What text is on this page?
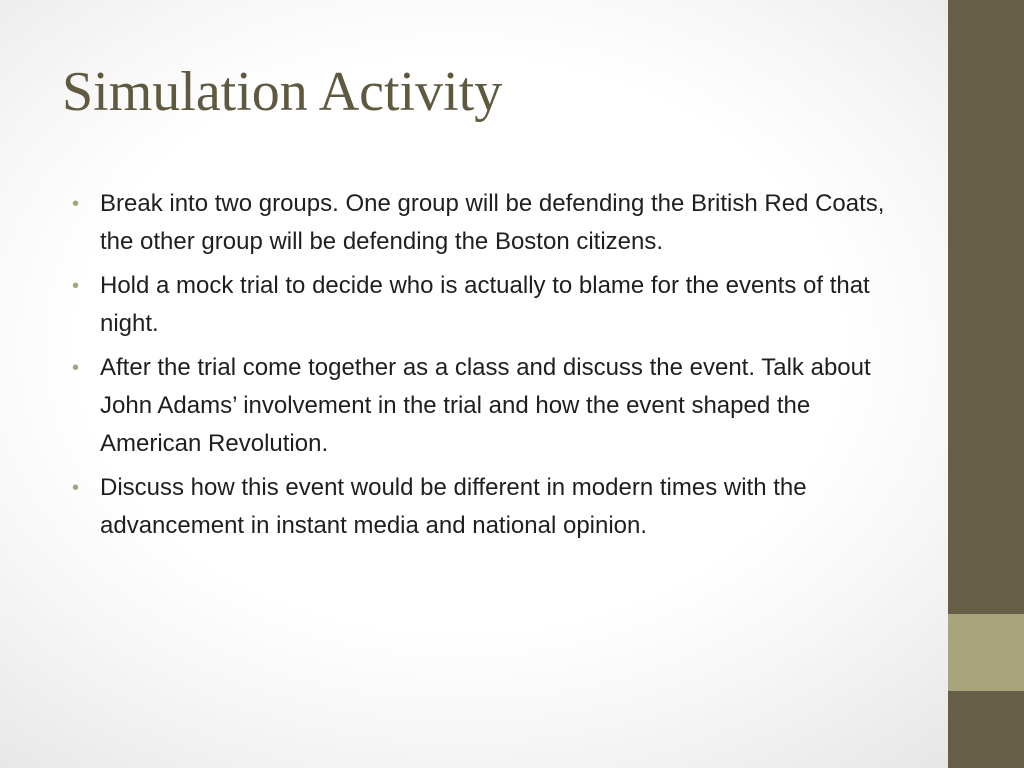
Simulation Activity
• Break into two groups. One group will be defending the British Red Coats, the other group will be defending the Boston citizens.
• Hold a mock trial to decide who is actually to blame for the events of that night.
• After the trial come together as a class and discuss the event. Talk about John Adams’ involvement in the trial and how the event shaped the American Revolution.
• Discuss how this event would be different in modern times with the advancement in instant media and national opinion.
